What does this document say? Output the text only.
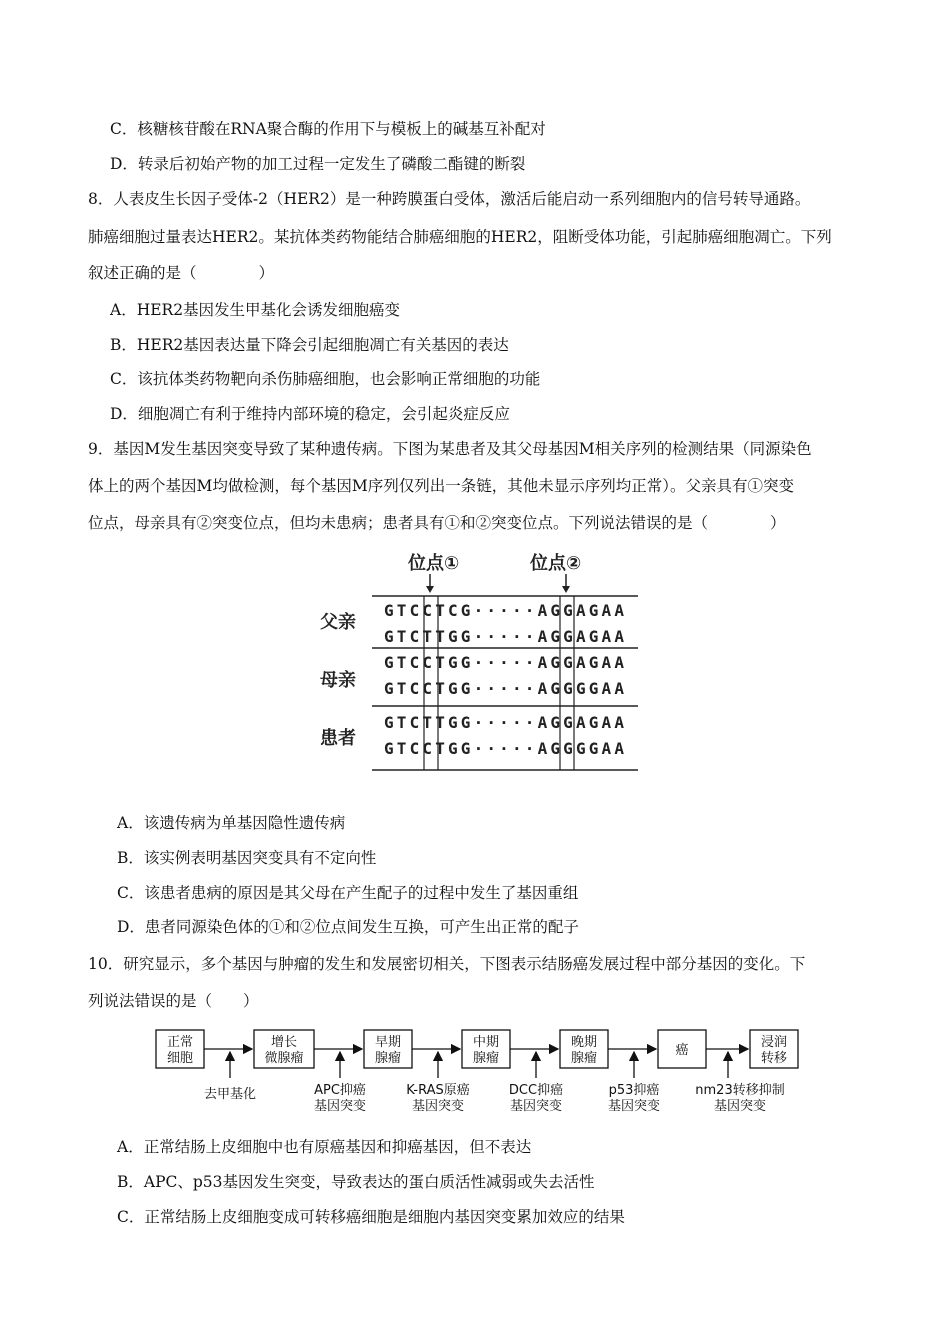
C．核糖核苷酸在RNA聚合酶的作用下与模板上的碱基互补配对
D．转录后初始产物的加工过程一定发生了磷酸二酯键的断裂
8．人表皮生长因子受体-2（HER2）是一种跨膜蛋白受体，激活后能启动一系列细胞内的信号转导通路。
肺癌细胞过量表达HER2。某抗体类药物能结合肺癌细胞的HER2，阻断受体功能，引起肺癌细胞凋亡。下列
叙述正确的是（　　　　）
A．HER2基因发生甲基化会诱发细胞癌变
B．HER2基因表达量下降会引起细胞凋亡有关基因的表达
C．该抗体类药物靶向杀伤肺癌细胞，也会影响正常细胞的功能
D．细胞凋亡有利于维持内部环境的稳定，会引起炎症反应
9．基因M发生基因突变导致了某种遗传病。下图为某患者及其父母基因M相关序列的检测结果（同源染色
体上的两个基因M均做检测，每个基因M序列仅列出一条链，其他未显示序列均正常）。父亲具有①突变
位点，母亲具有②突变位点，但均未患病；患者具有①和②突变位点。下列说法错误的是（　　　　）
位点①	位点②
父亲
母亲
患者
GTCCTCG·····AGGAGAA
GTCTTGG·····AGGAGAA
GTCCTGG·····AGGAGAA
GTCCTGG·····AGGGGAA
GTCTTGG·····AGGAGAA
GTCCTGG·····AGGGGAA
A．该遗传病为单基因隐性遗传病
B．该实例表明基因突变具有不定向性
C．该患者患病的原因是其父母在产生配子的过程中发生了基因重组
D．患者同源染色体的①和②位点间发生互换，可产生出正常的配子
10．研究显示，多个基因与肿瘤的发生和发展密切相关，下图表示结肠癌发展过程中部分基因的变化。下
列说法错误的是（　　）
正常
细胞
增长
微腺瘤
早期
腺瘤
中期
腺瘤
晚期
腺瘤
癌
浸润
转移
去甲基化	APC抑癌
基因突变
K-RAS原癌
基因突变
DCC抑癌
基因突变
p53抑癌
基因突变
nm23转移抑制
基因突变
A．正常结肠上皮细胞中也有原癌基因和抑癌基因，但不表达
B．APC、p53基因发生突变，导致表达的蛋白质活性减弱或失去活性
C．正常结肠上皮细胞变成可转移癌细胞是细胞内基因突变累加效应的结果
